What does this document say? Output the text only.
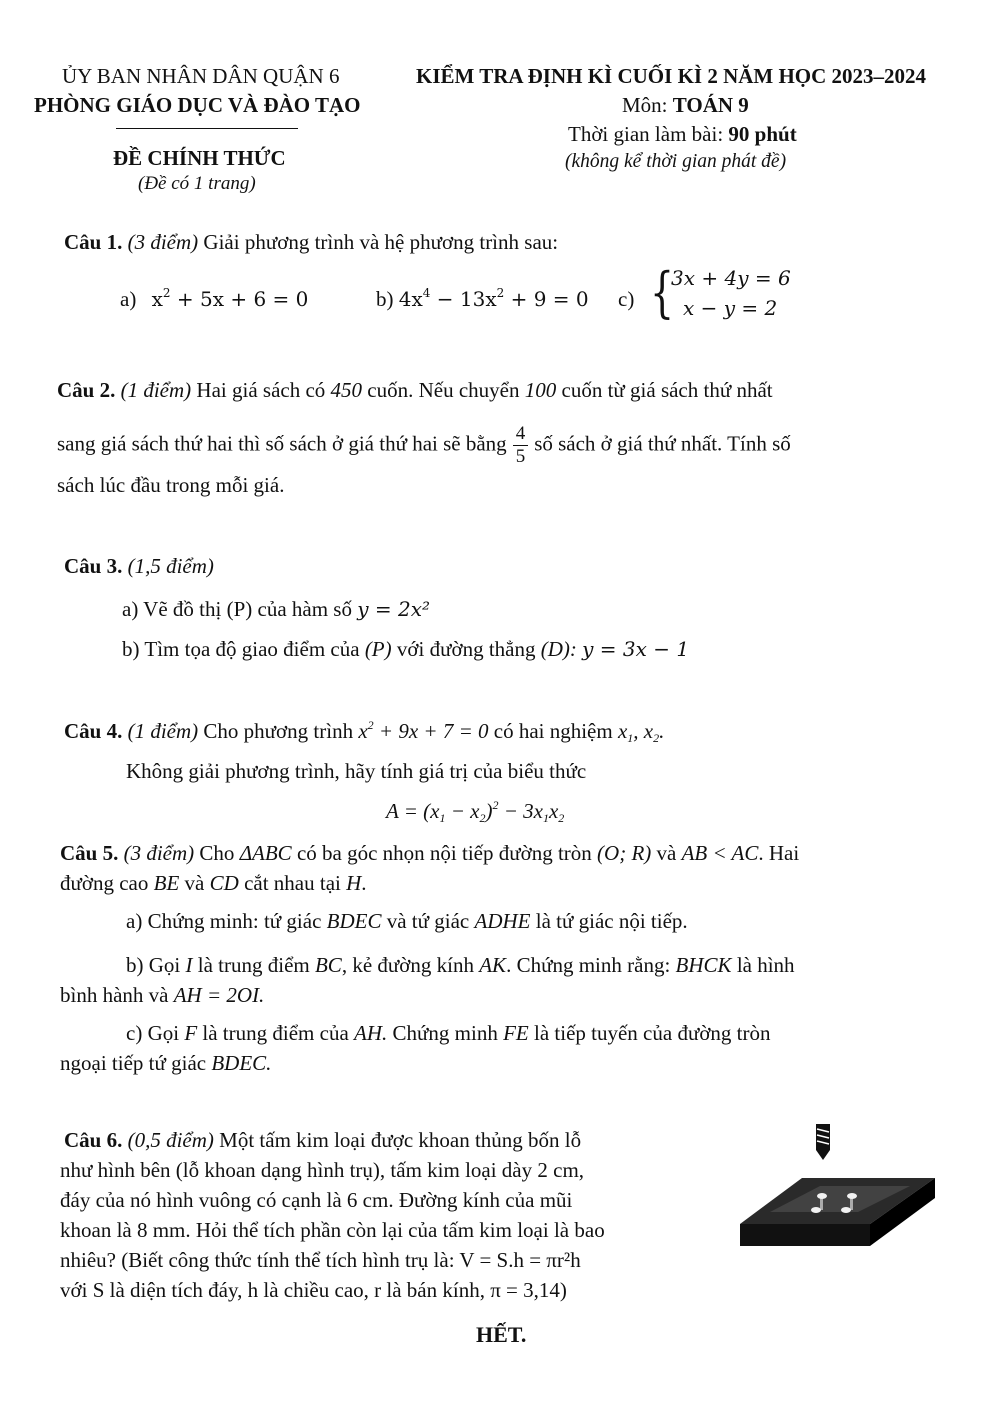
ỦY BAN NHÂN DÂN QUẬN 6
PHÒNG GIÁO DỤC VÀ ĐÀO TẠO
ĐỀ CHÍNH THỨC
(Đề có 1 trang)
KIỂM TRA ĐỊNH KÌ CUỐI KÌ 2 NĂM HỌC 2023–2024
Môn: TOÁN 9
Thời gian làm bài: 90 phút
(không kể thời gian phát đề)
Câu 1. (3 điểm) Giải phương trình và hệ phương trình sau:
a) $x^2 + 5x + 6 = 0$	b) $4x^4 - 13x^2 + 9 = 0$ c) {
3x + 4y = 6
x − y = 2
Câu 2. (1 điểm) Hai giá sách có 450 cuốn. Nếu chuyển 100 cuốn từ giá sách thứ nhất
sang giá sách thứ hai thì số sách ở giá thứ hai sẽ bằng $\frac{4}{5}$ số sách ở giá thứ nhất. Tính số
sách lúc đầu trong mỗi giá.
Câu 3. (1,5 điểm)
a) Vẽ đồ thị (P) của hàm số y = 2x²
b) Tìm tọa độ giao điểm của (P) với đường thẳng (D): y = 3x − 1
Câu 4. (1 điểm) Cho phương trình $x^2 + 9x + 7 = 0$ có hai nghiệm $x_1$, $x_2$.
Không giải phương trình, hãy tính giá trị của biểu thức
$A = (x_1 - x_2)^2 - 3x_1x_2$
Câu 5. (3 điểm) Cho ΔABC có ba góc nhọn nội tiếp đường tròn (O; R) và AB < AC. Hai
đường cao BE và CD cắt nhau tại H.
a) Chứng minh: tứ giác BDEC và tứ giác ADHE là tứ giác nội tiếp.
b) Gọi I là trung điểm BC, kẻ đường kính AK. Chứng minh rằng: BHCK là hình
bình hành và AH = 2OI.
c) Gọi F là trung điểm của AH. Chứng minh FE là tiếp tuyến của đường tròn
ngoại tiếp tứ giác BDEC.
Câu 6. (0,5 điểm) Một tấm kim loại được khoan thủng bốn lỗ
như hình bên (lỗ khoan dạng hình trụ), tấm kim loại dày 2 cm,
đáy của nó hình vuông có cạnh là 6 cm. Đường kính của mũi
khoan là 8 mm. Hỏi thể tích phần còn lại của tấm kim loại là bao
nhiêu? (Biết công thức tính thể tích hình trụ là: V = S.h = πr²h
với S là diện tích đáy, h là chiều cao, r là bán kính, π = 3,14)
HẾT.
